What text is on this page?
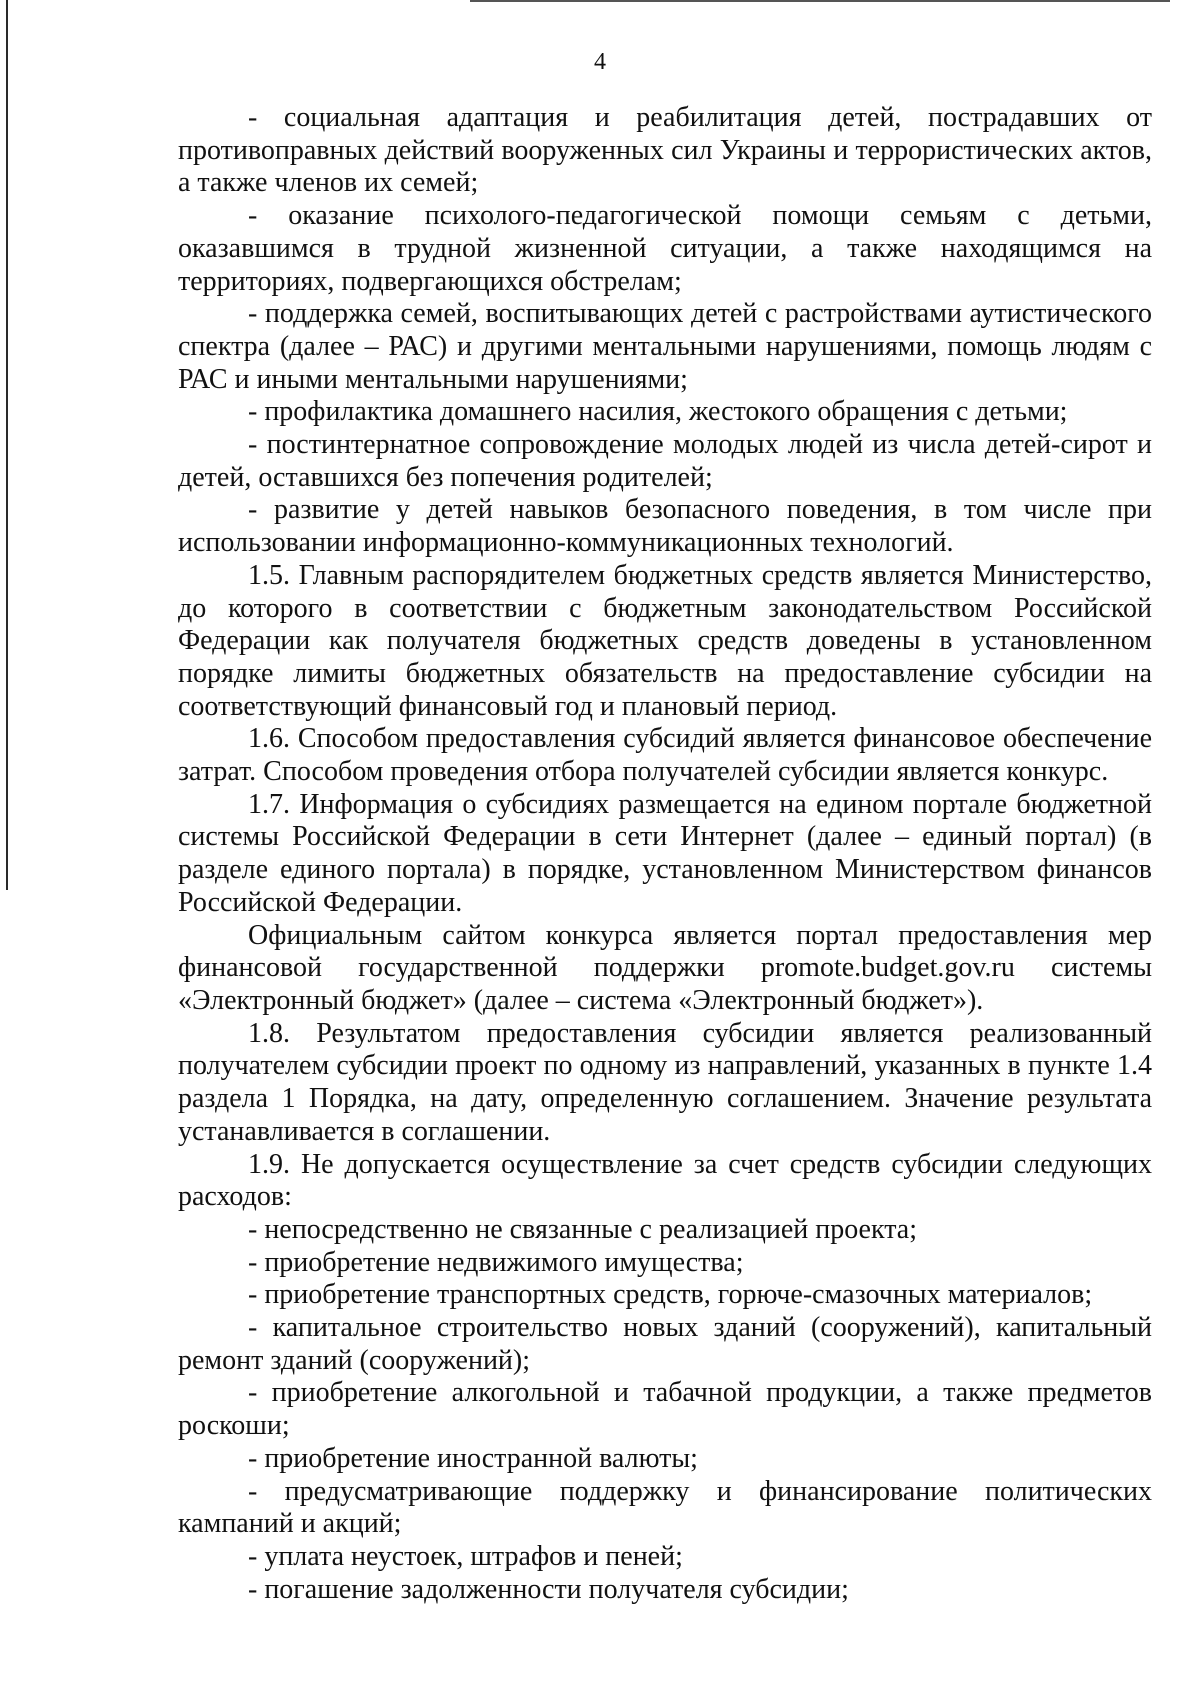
4

- социальная адаптация и реабилитация детей, пострадавших от противоправных действий вооруженных сил Украины и террористических актов, а также членов их семей;

- оказание психолого-педагогической помощи семьям с детьми, оказавшимся в трудной жизненной ситуации, а также находящимся на территориях, подвергающихся обстрелам;

- поддержка семей, воспитывающих детей с растройствами аутистического спектра (далее – РАС) и другими ментальными нарушениями, помощь людям с РАС и иными ментальными нарушениями;

- профилактика домашнего насилия, жестокого обращения с детьми;

- постинтернатное сопровождение молодых людей из числа детей-сирот и детей, оставшихся без попечения родителей;

- развитие у детей навыков безопасного поведения, в том числе при использовании информационно-коммуникационных технологий.

1.5. Главным распорядителем бюджетных средств является Министерство, до которого в соответствии с бюджетным законодательством Российской Федерации как получателя бюджетных средств доведены в установленном порядке лимиты бюджетных обязательств на предоставление субсидии на соответствующий финансовый год и плановый период.

1.6. Способом предоставления субсидий является финансовое обеспечение затрат. Способом проведения отбора получателей субсидии является конкурс.

1.7. Информация о субсидиях размещается на едином портале бюджетной системы Российской Федерации в сети Интернет (далее – единый портал) (в разделе единого портала) в порядке, установленном Министерством финансов Российской Федерации.

Официальным сайтом конкурса является портал предоставления мер финансовой государственной поддержки promote.budget.gov.ru системы «Электронный бюджет» (далее – система «Электронный бюджет»).

1.8. Результатом предоставления субсидии является реализованный получателем субсидии проект по одному из направлений, указанных в пункте 1.4 раздела 1 Порядка, на дату, определенную соглашением. Значение результата устанавливается в соглашении.

1.9. Не допускается осуществление за счет средств субсидии следующих расходов:

- непосредственно не связанные с реализацией проекта;

- приобретение недвижимого имущества;

- приобретение транспортных средств, горюче-смазочных материалов;

- капитальное строительство новых зданий (сооружений), капитальный ремонт зданий (сооружений);

- приобретение алкогольной и табачной продукции, а также предметов роскоши;

- приобретение иностранной валюты;

- предусматривающие поддержку и финансирование политических кампаний и акций;

- уплата неустоек, штрафов и пеней;

- погашение задолженности получателя субсидии;
